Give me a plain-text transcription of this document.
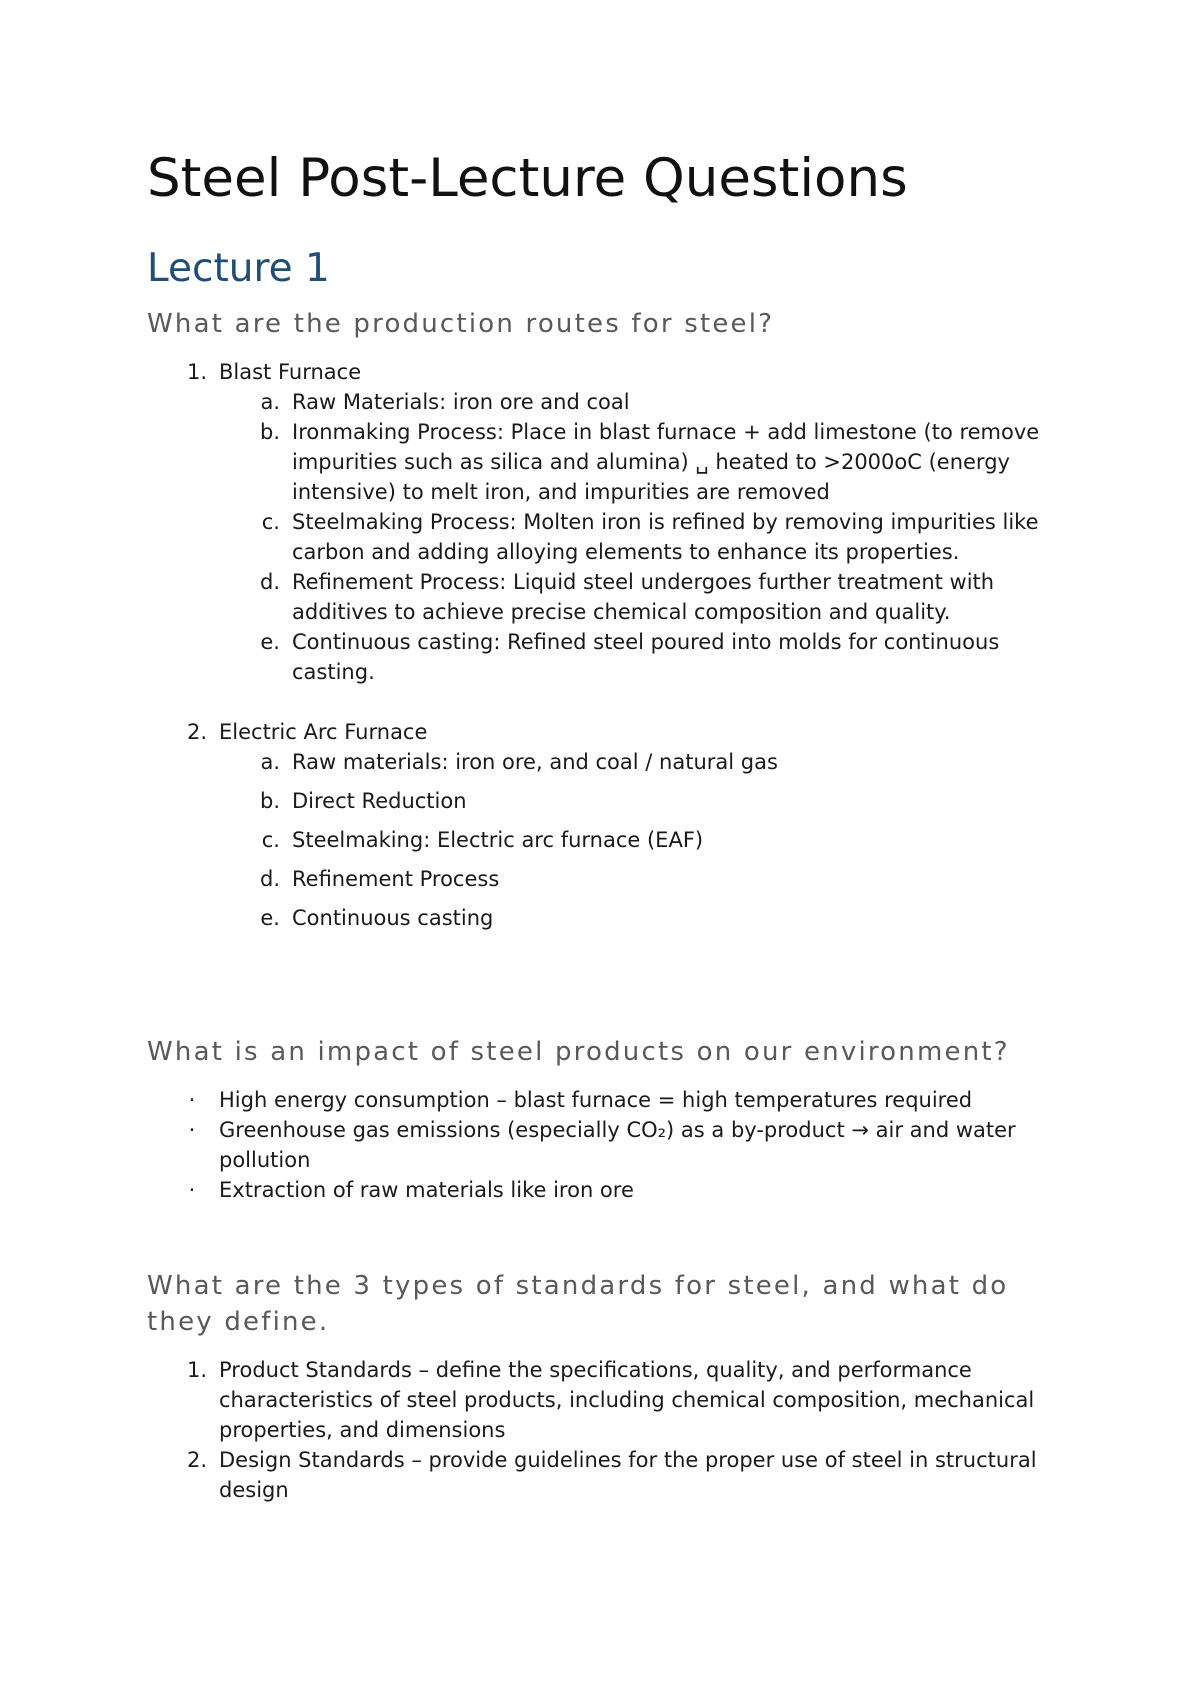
Steel Post-Lecture Questions
Lecture 1
What are the production routes for steel?
1. Blast Furnace
a. Raw Materials: iron ore and coal
b. Ironmaking Process: Place in blast furnace + add limestone (to remove impurities such as silica and alumina) ␣ heated to >2000oC (energy intensive) to melt iron, and impurities are removed
c. Steelmaking Process: Molten iron is refined by removing impurities like carbon and adding alloying elements to enhance its properties.
d. Refinement Process: Liquid steel undergoes further treatment with additives to achieve precise chemical composition and quality.
e. Continuous casting: Refined steel poured into molds for continuous casting.
2. Electric Arc Furnace
a. Raw materials: iron ore, and coal / natural gas
b. Direct Reduction
c. Steelmaking: Electric arc furnace (EAF)
d. Refinement Process
e. Continuous casting
What is an impact of steel products on our environment?
· High energy consumption – blast furnace = high temperatures required
· Greenhouse gas emissions (especially CO₂) as a by-product → air and water pollution
· Extraction of raw materials like iron ore
What are the 3 types of standards for steel, and what do they define.
1. Product Standards – define the specifications, quality, and performance characteristics of steel products, including chemical composition, mechanical properties, and dimensions
2. Design Standards – provide guidelines for the proper use of steel in structural design
